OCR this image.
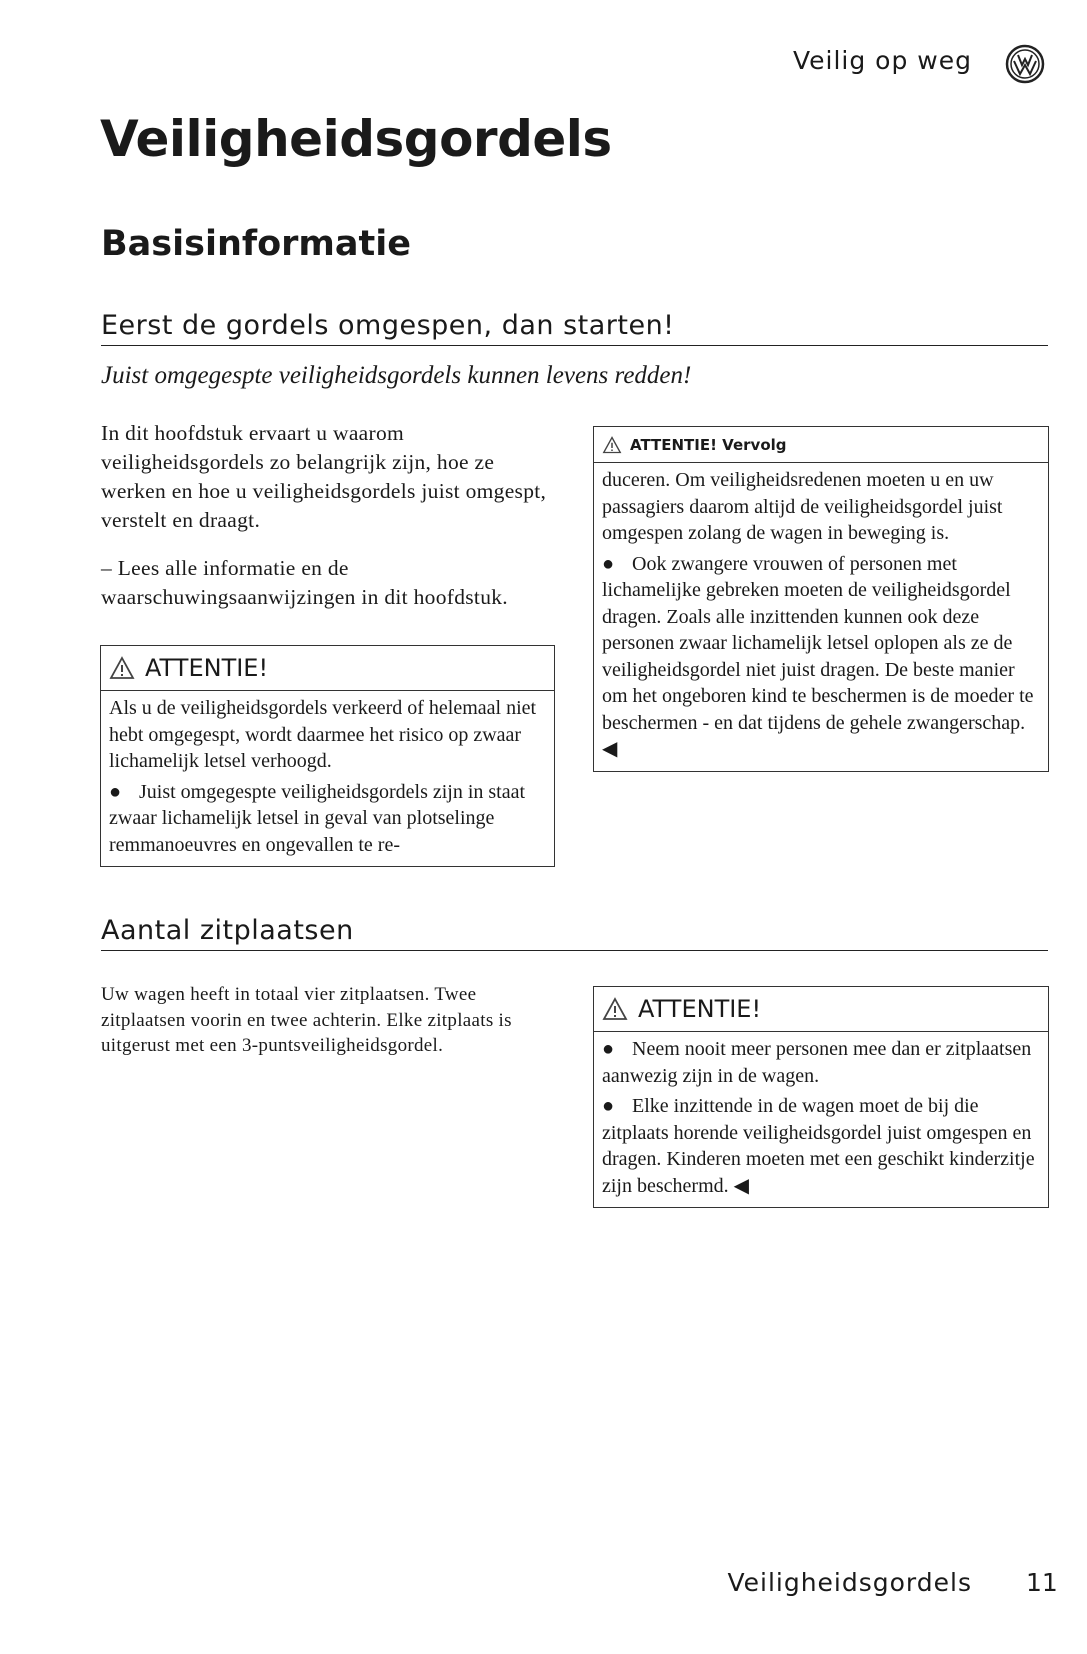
Veilig op weg
Veiligheidsgordels
Basisinformatie
Eerst de gordels omgespen, dan starten!
Juist omgegespte veiligheidsgordels kunnen levens redden!
In dit hoofdstuk ervaart u waarom veiligheidsgordels zo belangrijk zijn, hoe ze werken en hoe u veiligheidsgordels juist omgespt, verstelt en draagt.
– Lees alle informatie en de waarschuwingsaanwijzingen in dit hoofdstuk.
ATTENTIE!

Als u de veiligheidsgordels verkeerd of helemaal niet hebt omgegespt, wordt daarmee het risico op zwaar lichamelijk letsel verhoogd.

● Juist omgegespte veiligheidsgordels zijn in staat zwaar lichamelijk letsel in geval van plotselinge remmanoeuvres en ongevallen te re-

ATTENTIE! Vervolg

duceren. Om veiligheidsredenen moeten u en uw passagiers daarom altijd de veiligheidsgordel juist omgespen zolang de wagen in beweging is.

● Ook zwangere vrouwen of personen met lichamelijke gebreken moeten de veiligheidsgordel dragen. Zoals alle inzittenden kunnen ook deze personen zwaar lichamelijk letsel oplopen als ze de veiligheidsgordel niet juist dragen. De beste manier om het ongeboren kind te beschermen is de moeder te beschermen - en dat tijdens de gehele zwangerschap. ◀

Aantal zitplaatsen
Uw wagen heeft in totaal vier zitplaatsen. Twee zitplaatsen voorin en twee achterin. Elke zitplaats is uitgerust met een 3-puntsveiligheidsgordel.
ATTENTIE!

● Neem nooit meer personen mee dan er zitplaatsen aanwezig zijn in de wagen.

● Elke inzittende in de wagen moet de bij die zitplaats horende veiligheidsgordel juist omgespen en dragen. Kinderen moeten met een geschikt kinderzitje zijn beschermd. ◀

Veiligheidsgordels 11
